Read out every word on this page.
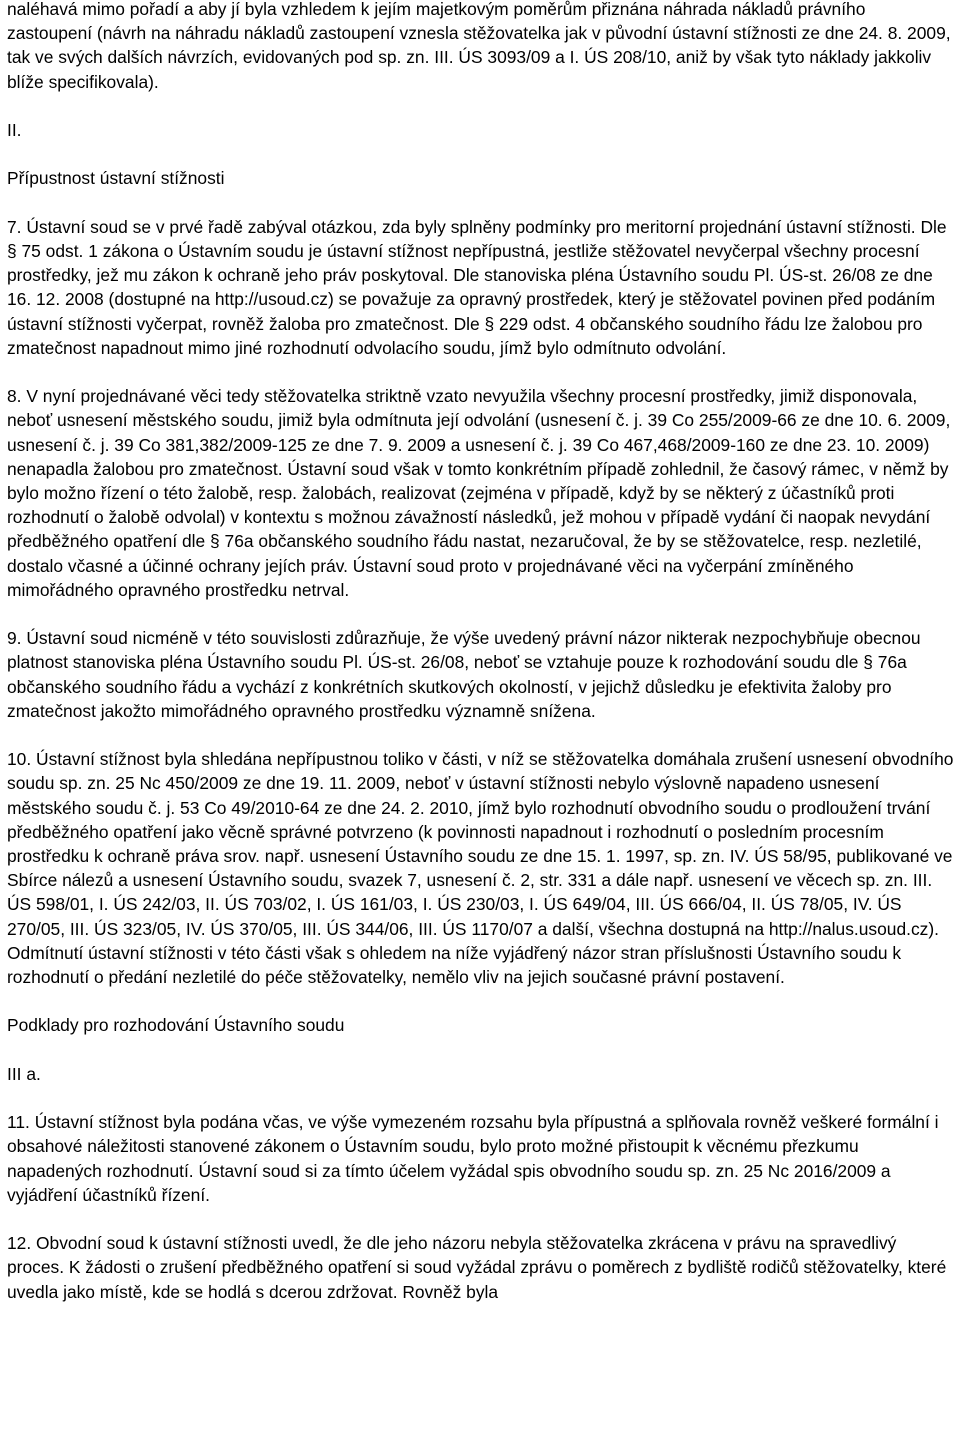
naléhavá mimo pořadí a aby jí byla vzhledem k jejím majetkovým poměrům přiznána náhrada nákladů právního zastoupení (návrh na náhradu nákladů zastoupení vznesla stěžovatelka jak v původní ústavní stížnosti ze dne 24. 8. 2009, tak ve svých dalších návrzích, evidovaných pod sp. zn. III. ÚS 3093/09 a I. ÚS 208/10, aniž by však tyto náklady jakkoliv blíže specifikovala).

II.

Přípustnost ústavní stížnosti

7. Ústavní soud se v prvé řadě zabýval otázkou, zda byly splněny podmínky pro meritorní projednání ústavní stížnosti. Dle § 75 odst. 1 zákona o Ústavním soudu je ústavní stížnost nepřípustná, jestliže stěžovatel nevyčerpal všechny procesní prostředky, jež mu zákon k ochraně jeho práv poskytoval. Dle stanoviska pléna Ústavního soudu Pl. ÚS-st. 26/08 ze dne 16. 12. 2008 (dostupné na http://usoud.cz) se považuje za opravný prostředek, který je stěžovatel povinen před podáním ústavní stížnosti vyčerpat, rovněž žaloba pro zmatečnost. Dle § 229 odst. 4 občanského soudního řádu lze žalobou pro zmatečnost napadnout mimo jiné rozhodnutí odvolacího soudu, jímž bylo odmítnuto odvolání.

8. V nyní projednávané věci tedy stěžovatelka striktně vzato nevyužila všechny procesní prostředky, jimiž disponovala, neboť usnesení městského soudu, jimiž byla odmítnuta její odvolání (usnesení č. j. 39 Co 255/2009-66 ze dne 10. 6. 2009, usnesení č. j. 39 Co 381,382/2009-125 ze dne 7. 9. 2009 a usnesení č. j. 39 Co 467,468/2009-160 ze dne 23. 10. 2009) nenapadla žalobou pro zmatečnost. Ústavní soud však v tomto konkrétním případě zohlednil, že časový rámec, v němž by bylo možno řízení o této žalobě, resp. žalobách, realizovat (zejména v případě, když by se některý z účastníků proti rozhodnutí o žalobě odvolal) v kontextu s možnou závažností následků, jež mohou v případě vydání či naopak nevydání předběžného opatření dle § 76a občanského soudního řádu nastat, nezaručoval, že by se stěžovatelce, resp. nezletilé, dostalo včasné a účinné ochrany jejích práv. Ústavní soud proto v projednávané věci na vyčerpání zmíněného mimořádného opravného prostředku netrval.

9. Ústavní soud nicméně v této souvislosti zdůrazňuje, že výše uvedený právní názor nikterak nezpochybňuje obecnou platnost stanoviska pléna Ústavního soudu Pl. ÚS-st. 26/08, neboť se vztahuje pouze k rozhodování soudu dle § 76a občanského soudního řádu a vychází z konkrétních skutkových okolností, v jejichž důsledku je efektivita žaloby pro zmatečnost jakožto mimořádného opravného prostředku významně snížena.

10. Ústavní stížnost byla shledána nepřípustnou toliko v části, v níž se stěžovatelka domáhala zrušení usnesení obvodního soudu sp. zn. 25 Nc 450/2009 ze dne 19. 11. 2009, neboť v ústavní stížnosti nebylo výslovně napadeno usnesení městského soudu č. j. 53 Co 49/2010-64 ze dne 24. 2. 2010, jímž bylo rozhodnutí obvodního soudu o prodloužení trvání předběžného opatření jako věcně správné potvrzeno (k povinnosti napadnout i rozhodnutí o posledním procesním prostředku k ochraně práva srov. např. usnesení Ústavního soudu ze dne 15. 1. 1997, sp. zn. IV. ÚS 58/95, publikované ve Sbírce nálezů a usnesení Ústavního soudu, svazek 7, usnesení č. 2, str. 331 a dále např. usnesení ve věcech sp. zn. III. ÚS 598/01, I. ÚS 242/03, II. ÚS 703/02, I. ÚS 161/03, I. ÚS 230/03, I. ÚS 649/04, III. ÚS 666/04, II. ÚS 78/05, IV. ÚS 270/05, III. ÚS 323/05, IV. ÚS 370/05, III. ÚS 344/06, III. ÚS 1170/07 a další, všechna dostupná na http://nalus.usoud.cz). Odmítnutí ústavní stížnosti v této části však s ohledem na níže vyjádřený názor stran příslušnosti Ústavního soudu k rozhodnutí o předání nezletilé do péče stěžovatelky, nemělo vliv na jejich současné právní postavení.

Podklady pro rozhodování Ústavního soudu

III a.

11. Ústavní stížnost byla podána včas, ve výše vymezeném rozsahu byla přípustná a splňovala rovněž veškeré formální i obsahové náležitosti stanovené zákonem o Ústavním soudu, bylo proto možné přistoupit k věcnému přezkumu napadených rozhodnutí. Ústavní soud si za tímto účelem vyžádal spis obvodního soudu sp. zn. 25 Nc 2016/2009 a vyjádření účastníků řízení.

12. Obvodní soud k ústavní stížnosti uvedl, že dle jeho názoru nebyla stěžovatelka zkrácena v právu na spravedlivý proces. K žádosti o zrušení předběžného opatření si soud vyžádal zprávu o poměrech z bydliště rodičů stěžovatelky, které uvedla jako místě, kde se hodlá s dcerou zdržovat. Rovněž byla
